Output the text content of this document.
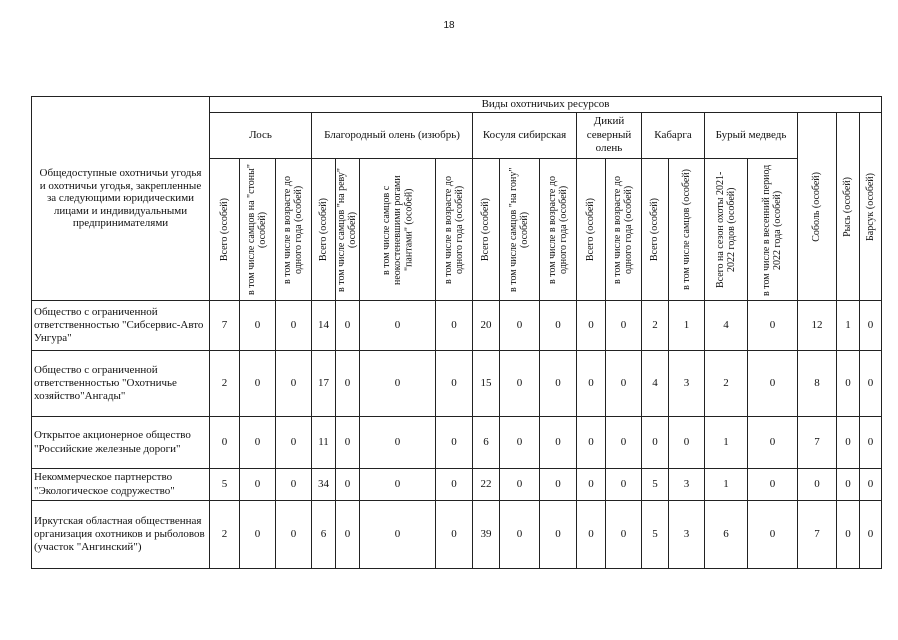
18
Общедоступные охотничьи угодья и охотничьи угодья, закрепленные за следующими юридическими лицами и индивидуальными предпринимателями	Виды охотничьих ресурсов																		
	Лось			Благородный олень (изюбрь)				Косуля сибирская			Дикий северный олень		Кабарга		Бурый медведь		Соболь (особей)	Рысь (особей)	Барсук (особей)

	Всего (особей)	в том числе самцов на "стоны" (особей)	в том числе в возрасте до одного года (особей)	Всего (особей)	в том числе самцов "на реву" (особей)	в том числе самцов с неокостеневшими рогами "пантами" (особей)	в том числе в возрасте до одного года (особей)	Всего (особей)	в том числе самцов "на гону" (особей)	в том числе в возрасте до одного года (особей)	Всего (особей)	в том числе в возрасте до одного года (особей)	Всего (особей)	в том числе самцов (особей)	Всего на сезон охоты 2021-2022 годов (особей)	в том числе в весенний период 2022 года (особей)			

Общество с ограниченной ответственностью "Сибсервис-Авто Унгура"	7	0	0	14	0	0	0	20	0	0	0	0	2	1	4	0	12	1	0
Общество с ограниченной ответственностью "Охотничье хозяйство"Ангады"	2	0	0	17	0	0	0	15	0	0	0	0	4	3	2	0	8	0	0
Открытое акционерное общество "Российские железные дороги"	0	0	0	11	0	0	0	6	0	0	0	0	0	0	1	0	7	0	0
Некоммерческое партнерство "Экологическое содружество"	5	0	0	34	0	0	0	22	0	0	0	0	5	3	1	0	0	0	0
Иркутская областная общественная организация охотников и рыболовов (участок "Ангинский")	2	0	0	6	0	0	0	39	0	0	0	0	5	3	6	0	7	0	0
